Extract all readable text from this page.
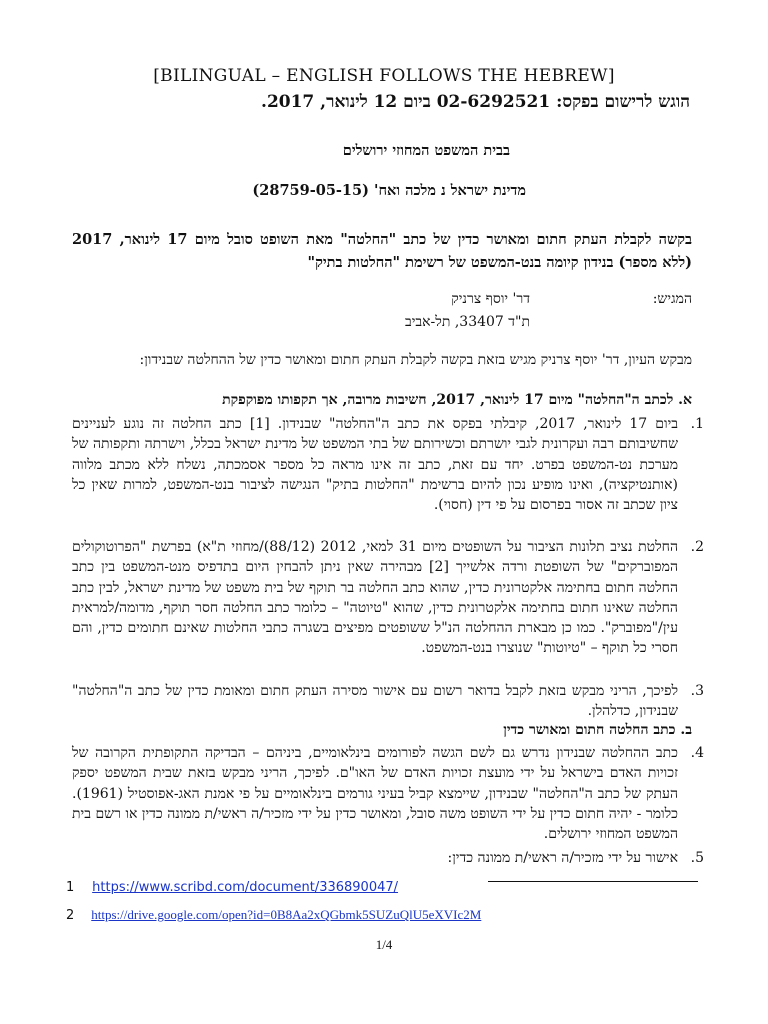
[BILINGUAL – ENGLISH FOLLOWS THE HEBREW]
הוגש לרישום בפקס: 02-6292521 ביום 12 לינואר, 2017.
בבית המשפט המחוזי ירושלים
מדינת ישראל נ מלכה ואח' (28759-05-15)
בקשה לקבלת העתק חתום ומאושר כדין של כתב "החלטה" מאת השופט סובל מיום 17 לינואר, 2017 (ללא מספר) בנידון קיומה בנט-המשפט של רשימת "החלטות בתיק"
המגיש:
דר' יוסף צרניק
ת"ד 33407, תל-אביב
מבקש העיון, דר' יוסף צרניק מגיש בזאת בקשה לקבלת העתק חתום ומאושר כדין של ההחלטה שבנידון:
א. לכתב ה"החלטה" מיום 17 לינואר, 2017, חשיבות מרובה, אך תקפותו מפוקפקת
1.
ביום 17 לינואר, 2017, קיבלתי בפקס את כתב ה"החלטה" שבנידון. [1] כתב החלטה זה נוגע לעניינים שחשיבותם רבה ועקרונית לגבי יושרתם וכשירותם של בתי המשפט של מדינת ישראל בכלל, וישרתה ותקפותה של מערכת נט-המשפט בפרט. יחד עם זאת, כתב זה אינו מראה כל מספר אסמכתה, נשלח ללא מכתב מלווה (אותנטיקציה), ואינו מופיע נכון להיום ברשימת "החלטות בתיק" הנגישה לציבור בנט-המשפט, למרות שאין כל ציון שכתב זה אסור בפרסום על פי דין (חסוי).
2.
החלטת נציב תלונות הציבור על השופטים מיום 31 למאי, 2012 (88/12)/מחוזי ת"א) בפרשת "הפרוטוקולים המפוברקים" של השופטת ורדה אלשייך [2] מבהירה שאין ניתן להבחין היום בתדפיס מנט-המשפט בין כתב החלטה חתום בחתימה אלקטרונית כדין, שהוא כתב החלטה בר תוקף של בית משפט של מדינת ישראל, לבין כתב החלטה שאינו חתום בחתימה אלקטרונית כדין, שהוא "טיוטה" – כלומר כתב החלטה חסר תוקף, מדומה/למראית עין/"מפוברק". כמו כן מבארת ההחלטה הנ"ל ששופטים מפיצים בשגרה כתבי החלטות שאינם חתומים כדין, והם חסרי כל תוקף – "טיוטות" שנוצרו בנט-המשפט.
3.
לפיכך, הריני מבקש בזאת לקבל בדואר רשום עם אישור מסירה העתק חתום ומאומת כדין של כתב ה"החלטה" שבנידון, כדלהלן.
ב. כתב החלטה חתום ומאושר כדין
4.
כתב ההחלטה שבנידון נדרש גם לשם הגשה לפורומים בינלאומיים, ביניהם – הבדיקה התקופתית הקרובה של זכויות האדם בישראל על ידי מועצת זכויות האדם של האו"ם. לפיכך, הריני מבקש בזאת שבית המשפט יספק העתק של כתב ה"החלטה" שבנידון, שיימצא קביל בעיני גורמים בינלאומיים על פי אמנת האג-אפוסטיל (1961). כלומר - יהיה חתום כדין על ידי השופט משה סובל, ומאושר כדין על ידי מזכיר/ה ראשי/ת ממונה כדין או רשם בית המשפט המחוזי ירושלים.
5.
אישור על ידי מזכיר/ה ראשי/ת ממונה כדין:
1 https://www.scribd.com/document/336890047/
2 https://drive.google.com/open?id=0B8Aa2xQGbmk5SUZuQlU5eXVIc2M
1/4
